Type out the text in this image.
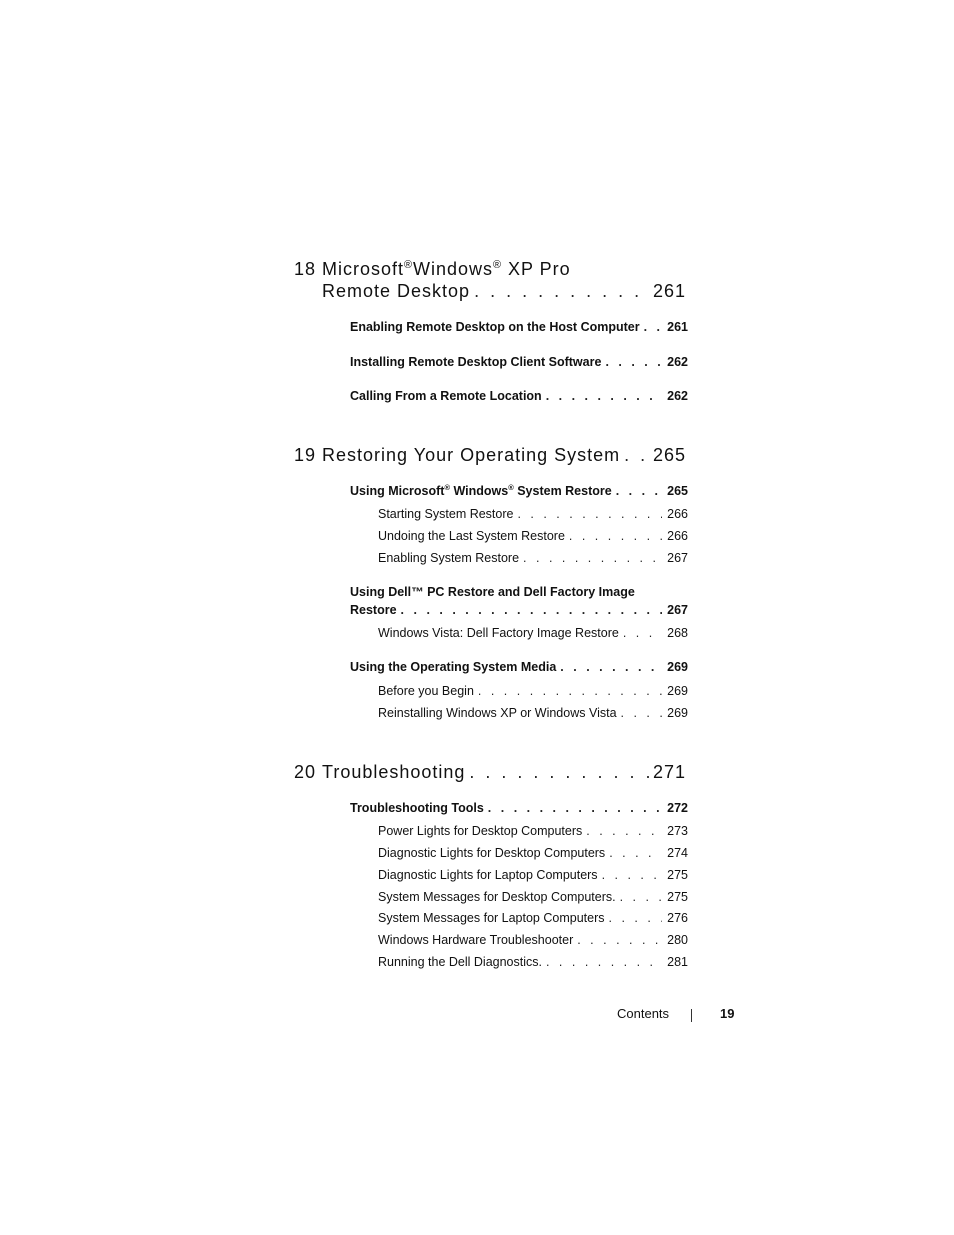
18 Microsoft®Windows® XP Pro
Remote Desktop . . .	261
Enabling Remote Desktop on the Host Computer . . . 261
Installing Remote Desktop Client Software . . .	262
Calling From a Remote Location . . .	262
19 Restoring Your Operating System . . . 265
Using Microsoft® Windows® System Restore . . .	265
Starting System Restore . . .	266
Undoing the Last System Restore . . .	266
Enabling System Restore . . .	267
Using Dell™ PC Restore and Dell Factory Image
Restore . . .	267
Windows Vista: Dell Factory Image Restore . . .	268
Using the Operating System Media . . .	269
Before you Begin . . .	269
Reinstalling Windows XP or Windows Vista . . .	269
20 Troubleshooting . . .	271
Troubleshooting Tools . . .	272
Power Lights for Desktop Computers . . .	273
Diagnostic Lights for Desktop Computers . . .	274
Diagnostic Lights for Laptop Computers . . .	275
System Messages for Desktop Computers. . . .	275
System Messages for Laptop Computers . . .	276
Windows Hardware Troubleshooter . . .	280
Running the Dell Diagnostics. . . .	281
Contents	19
